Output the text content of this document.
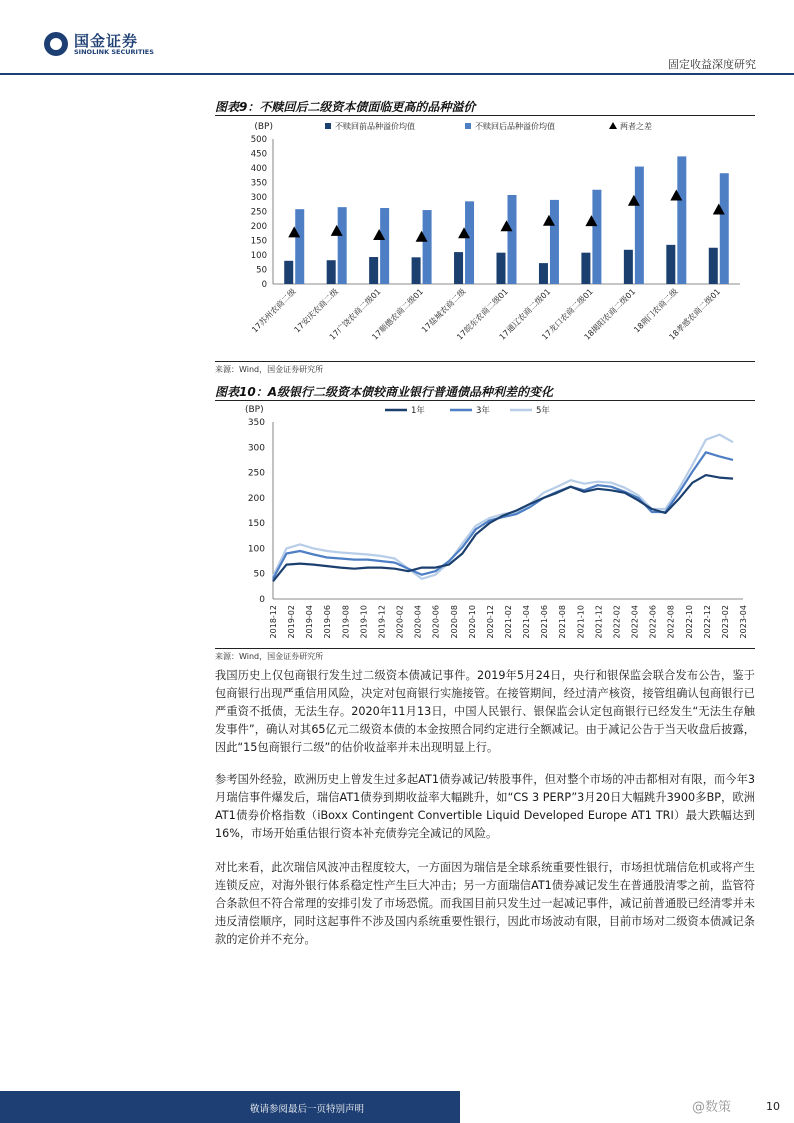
国金证券
SINOLINK SECURITIES
固定收益深度研究
图表9：不赎回后二级资本债面临更高的品种溢价
(BP)
0
50
100
150
200
250
300
350
400
450
500
17苏州农商二级
17安庆农商二级
17广饶农商二级01
17顺德农商二级01
17盐城农商二级
17皖东农商二级01
17通辽农商二级01
17龙口农商二级01
18揭阳农商二级01
18荆门农商二级
18孝感农商二级01
不赎回前品种溢价均值	不赎回后品种溢价均值	两者之差
来源：Wind，国金证券研究所
图表10：A级银行二级资本债较商业银行普通债品种利差的变化
(BP)
0
50
100
150
200
250
300
350
2018-12 2019-02 2019-04 2019-06 2019-08 2019-10 2019-12 2020-02 2020-04 2020-06 2020-08 2020-10 2020-12 2021-02 2021-04 2021-06 2021-08 2021-10 2021-12 2022-02 2022-04 2022-06 2022-08 2022-10 2022-12 2023-02 2023-04
1年	3年	5年
来源：Wind，国金证券研究所
我国历史上仅包商银行发生过二级资本债减记事件。2019年5月24日，央行和银保监会联合发布公告，鉴于包商银行出现严重信用风险，决定对包商银行实施接管。在接管期间，经过清产核资，接管组确认包商银行已严重资不抵债，无法生存。2020年11月13日，中国人民银行、银保监会认定包商银行已经发生“无法生存触发事件”，确认对其65亿元二级资本债的本金按照合同约定进行全额减记。由于减记公告于当天收盘后披露，因此“15包商银行二级”的估价收益率并未出现明显上行。
参考国外经验，欧洲历史上曾发生过多起AT1债券减记/转股事件，但对整个市场的冲击都相对有限，而今年3月瑞信事件爆发后，瑞信AT1债券到期收益率大幅跳升，如“CS 3 PERP”3月20日大幅跳升3900多BP，欧洲AT1债券价格指数（iBoxx Contingent Convertible Liquid Developed Europe AT1 TRI）最大跌幅达到16%，市场开始重估银行资本补充债券完全减记的风险。
对比来看，此次瑞信风波冲击程度较大，一方面因为瑞信是全球系统重要性银行，市场担忧瑞信危机或将产生连锁反应，对海外银行体系稳定性产生巨大冲击；另一方面瑞信AT1债券减记发生在普通股清零之前，监管符合条款但不符合常理的安排引发了市场恐慌。而我国目前只发生过一起减记事件，减记前普通股已经清零并未违反清偿顺序，同时这起事件不涉及国内系统重要性银行，因此市场波动有限，目前市场对二级资本债减记条款的定价并不充分。
敬请参阅最后一页特别声明	@数策	10
